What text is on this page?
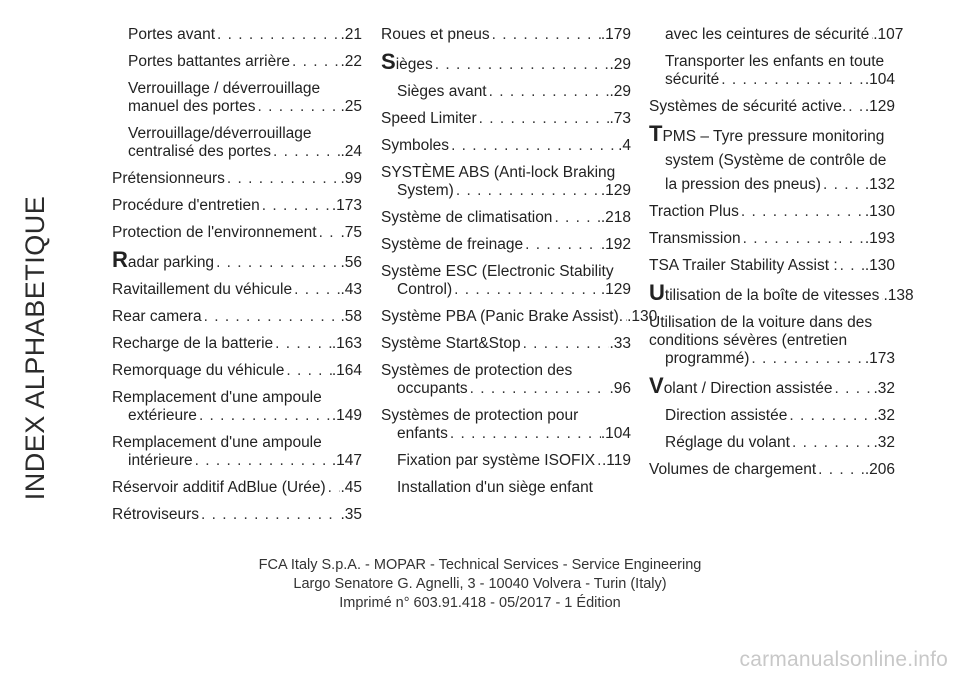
INDEX ALPHABETIQUE
Portes avant . . .	.21
Portes battantes arrière . . .	.22
Verrouillage / déverrouillage
manuel des portes . . .	.25
Verrouillage/déverrouillage
centralisé des portes . . .	.24
Prétensionneurs . . .	.99
Procédure d'entretien . . .	.173
Protection de l'environnement . . . .75
Radar parking . . .	.56
Ravitaillement du véhicule . . .	.43
Rear camera . . .	.58
Recharge de la batterie . . .	.163
Remorquage du véhicule . . .	.164
Remplacement d'une ampoule
extérieure . . .	.149
Remplacement d'une ampoule
intérieure . . .	.147
Réservoir additif AdBlue (Urée) . . . .45
Rétroviseurs . . .	.35
Roues et pneus . . .	.179
Sièges . . .	.29
Sièges avant . . .	.29
Speed Limiter . . .	.73
Symboles . . .	.4
SYSTÈME ABS (Anti-lock Braking
System) . . .	.129
Système de climatisation . . .	.218
Système de freinage . . .	.192
Système ESC (Electronic Stability
Control) . . .	.129
Système PBA (Panic Brake Assist). . . . .130
Système Start&Stop . . .	.33
Systèmes de protection des
occupants . . .	.96
Systèmes de protection pour
enfants . . .	.104
Fixation par système ISOFIX . . . .119
Installation d'un siège enfant
avec les ceintures de sécurité . . . .107
Transporter les enfants en toute
sécurité . . .	.104
Systèmes de sécurité active. . . . .129
TPMS – Tyre pressure monitoring
system (Système de contrôle de
la pression des pneus) . . .	.132
Traction Plus . . .	.130
Transmission . . .	.193
TSA Trailer Stability Assist : . . . .130
Utilisation de la boîte de vitesses . . . .138
Utilisation de la voiture dans des
conditions sévères (entretien
programmé) . . .	.173
Volant / Direction assistée . . .	.32
Direction assistée . . .	.32
Réglage du volant . . .	.32
Volumes de chargement . . .	.206
FCA Italy S.p.A. - MOPAR - Technical Services - Service Engineering
Largo Senatore G. Agnelli, 3 - 10040 Volvera - Turin (Italy)
Imprimé n° 603.91.418 - 05/2017 - 1 Édition
carmanualsonline.info
